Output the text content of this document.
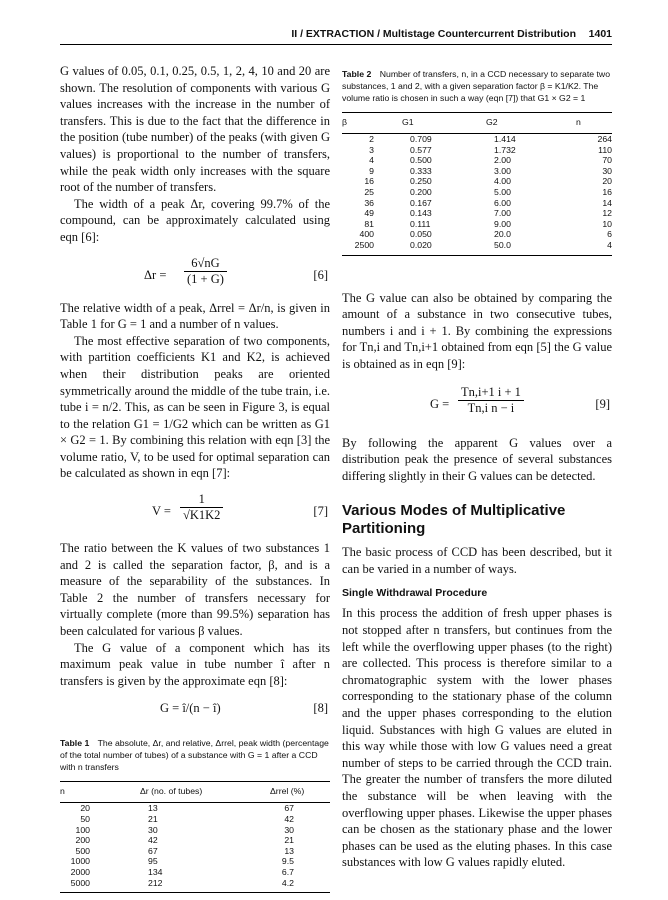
II / EXTRACTION / Multistage Countercurrent Distribution 1401

G values of 0.05, 0.1, 0.25, 0.5, 1, 2, 4, 10 and 20 are shown. The resolution of components with various G values increases with the increase in the number of transfers. This is due to the fact that the difference in the position (tube number) of the peaks (with given G values) is proportional to the number of transfers, while the peak width only increases with the square root of the number of transfers.

The width of a peak Δr, covering 99.7% of the compound, can be approximately calculated using eqn [6]:

$\Delta r = \frac{6√nG}{(1 + G)}$	[6]

The relative width of a peak, Δrrel = Δr/n, is given in Table 1 for G = 1 and a number of n values.

The most effective separation of two components, with partition coefficients K1 and K2, is achieved when their distribution peaks are oriented symmetrically around the middle of the tube train, i.e. tube i = n/2. This, as can be seen in Figure 3, is equal to the relation G1 = 1/G2 which can be written as G1 × G2 = 1. By combining this relation with eqn [3] the volume ratio, V, to be used for optimal separation can be calculated as shown in eqn [7]:

$V = \frac{1}{√K1K2}$	[7]

The ratio between the K values of two substances 1 and 2 is called the separation factor, β, and is a measure of the separability of the substances. In Table 2 the number of transfers necessary for virtually complete (more than 99.5%) separation has been calculated for various β values.

The G value of a component which has its maximum peak value in tube number î after n transfers is given by the approximate eqn [8]:

G = î/(n − î)	[8]

Table 1 The absolute, Δr, and relative, Δrrel, peak width (percentage of the total number of tubes) of a substance with G = 1 after a CCD with n transfers

n	Δr (no. of tubes)	Δrrel (%)
20	13	67
50	21	42
100	30	30
200	42	21
500	67	13
1000	95	9.5
2000	134	6.7
5000	212	4.2

Table 2 Number of transfers, n, in a CCD necessary to separate two substances, 1 and 2, with a given separation factor β = K1/K2. The volume ratio is chosen in such a way (eqn [7]) that G1 × G2 = 1

β	G1	G2	n
2	0.709	1.414	264
3	0.577	1.732	110
4	0.500	2.00	70
9	0.333	3.00	30
16	0.250	4.00	20
25	0.200	5.00	16
36	0.167	6.00	14
49	0.143	7.00	12
81	0.111	9.00	10
400	0.050	20.0	6
2500	0.020	50.0	4

The G value can also be obtained by comparing the amount of a substance in two consecutive tubes, numbers i and i + 1. By combining the expressions for Tn,i and Tn,i+1 obtained from eqn [5] the G value is obtained as in eqn [9]:

$G = \frac{Tn,i+1 i + 1}{\text{Tn,i n − i}}$	[9]

By following the apparent G values over a distribution peak the presence of several substances differing slightly in their G values can be detected.

Various Modes of Multiplicative Partitioning

The basic process of CCD has been described, but it can be varied in a number of ways.

Single Withdrawal Procedure

In this process the addition of fresh upper phases is not stopped after n transfers, but continues from the left while the overflowing upper phases (to the right) are collected. This process is therefore similar to a chromatographic system with the lower phases corresponding to the stationary phase of the column and the upper phases corresponding to the elution liquid. Substances with high G values are eluted in this way while those with low G values need a great number of steps to be carried through the CCD train. The greater the number of transfers the more diluted the substance will be when leaving with the overflowing upper phases. Likewise the upper phases can be chosen as the stationary phase and the lower phases can be used as the eluting phases. In this case substances with low G values rapidly eluted.
